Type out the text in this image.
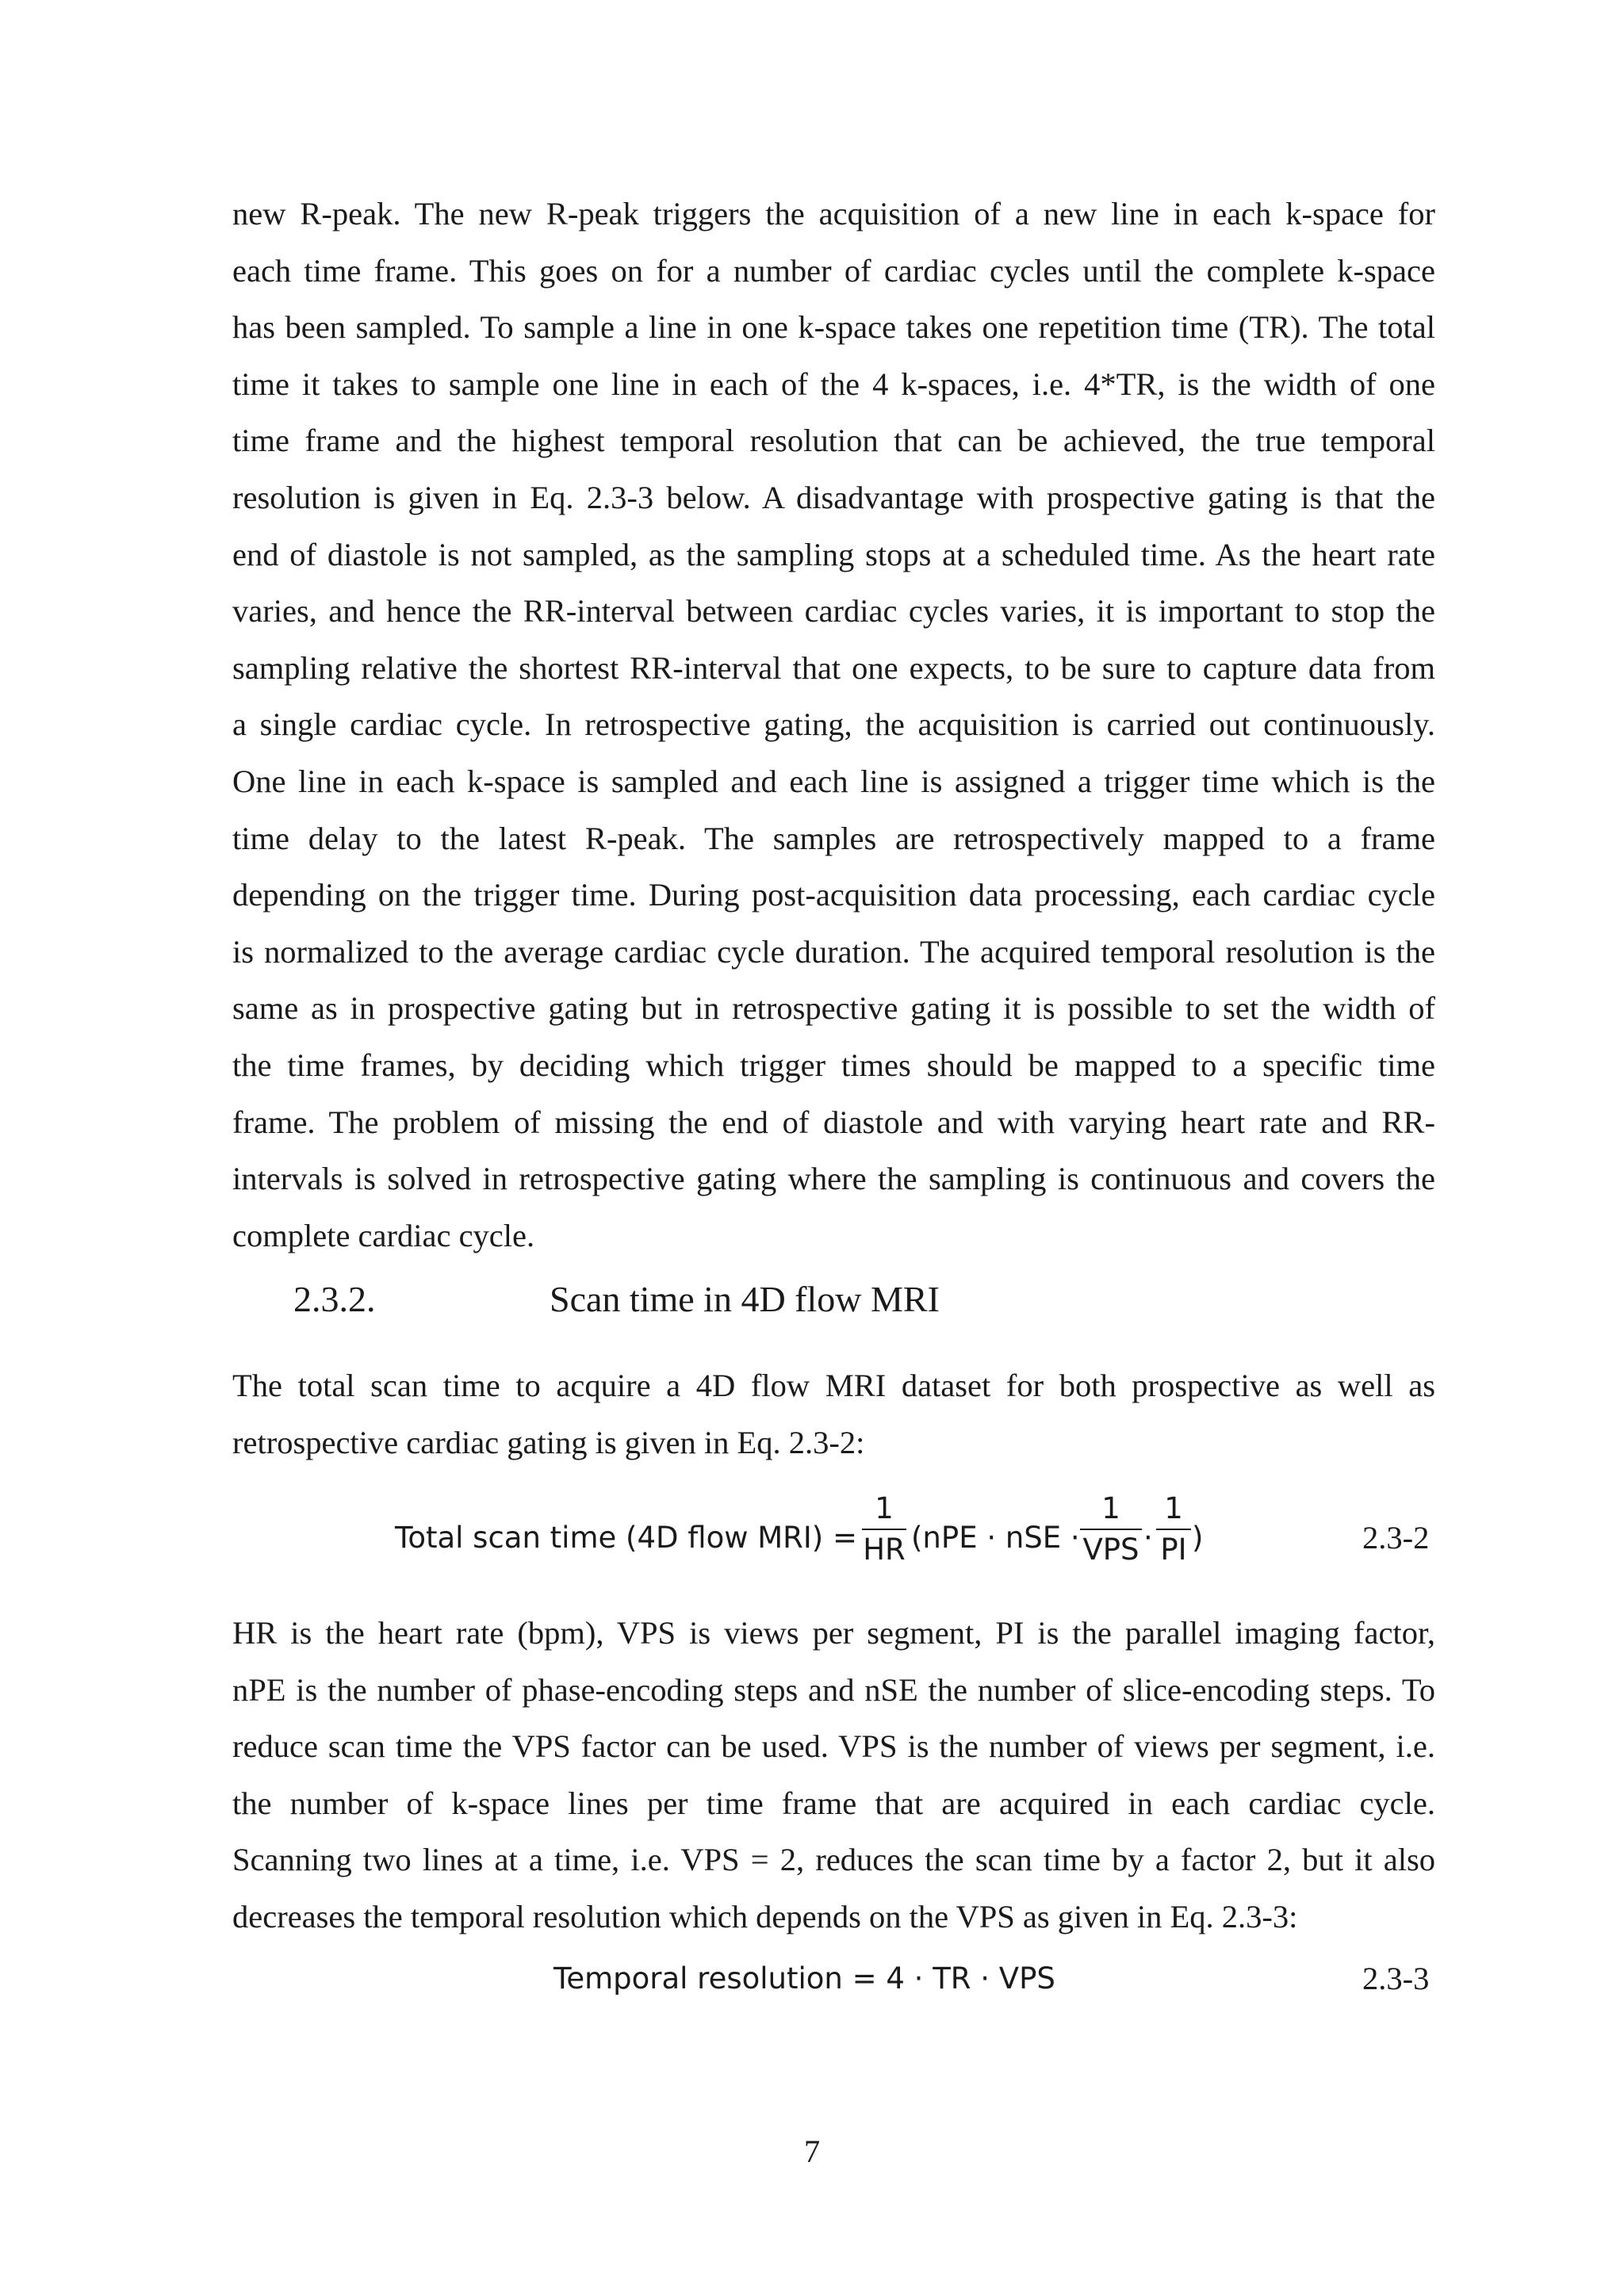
new R-peak. The new R-peak triggers the acquisition of a new line in each k-space for
each time frame. This goes on for a number of cardiac cycles until the complete k-space
has been sampled. To sample a line in one k-space takes one repetition time (TR). The total
time it takes to sample one line in each of the 4 k-spaces, i.e. 4*TR, is the width of one
time frame and the highest temporal resolution that can be achieved, the true temporal
resolution is given in Eq. 2.3-3 below. A disadvantage with prospective gating is that the
end of diastole is not sampled, as the sampling stops at a scheduled time. As the heart rate
varies, and hence the RR-interval between cardiac cycles varies, it is important to stop the
sampling relative the shortest RR-interval that one expects, to be sure to capture data from
a single cardiac cycle. In retrospective gating, the acquisition is carried out continuously.
One line in each k-space is sampled and each line is assigned a trigger time which is the
time delay to the latest R-peak. The samples are retrospectively mapped to a frame
depending on the trigger time. During post-acquisition data processing, each cardiac cycle
is normalized to the average cardiac cycle duration. The acquired temporal resolution is the
same as in prospective gating but in retrospective gating it is possible to set the width of
the time frames, by deciding which trigger times should be mapped to a specific time
frame. The problem of missing the end of diastole and with varying heart rate and RR-
intervals is solved in retrospective gating where the sampling is continuous and covers the
complete cardiac cycle.
2.3.2.	Scan time in 4D flow MRI
The total scan time to acquire a 4D flow MRI dataset for both prospective as well as
retrospective cardiac gating is given in Eq. 2.3-2:
Total scan time (4D flow MRI) =
1
HR (nPE · nSE ·
1
VPS ·
1
PI )	2.3-2
HR is the heart rate (bpm), VPS is views per segment, PI is the parallel imaging factor,
nPE is the number of phase-encoding steps and nSE the number of slice-encoding steps. To
reduce scan time the VPS factor can be used. VPS is the number of views per segment, i.e.
the number of k-space lines per time frame that are acquired in each cardiac cycle.
Scanning two lines at a time, i.e. VPS = 2, reduces the scan time by a factor 2, but it also
decreases the temporal resolution which depends on the VPS as given in Eq. 2.3-3:
Temporal resolution = 4 · TR · VPS	2.3-3
7
